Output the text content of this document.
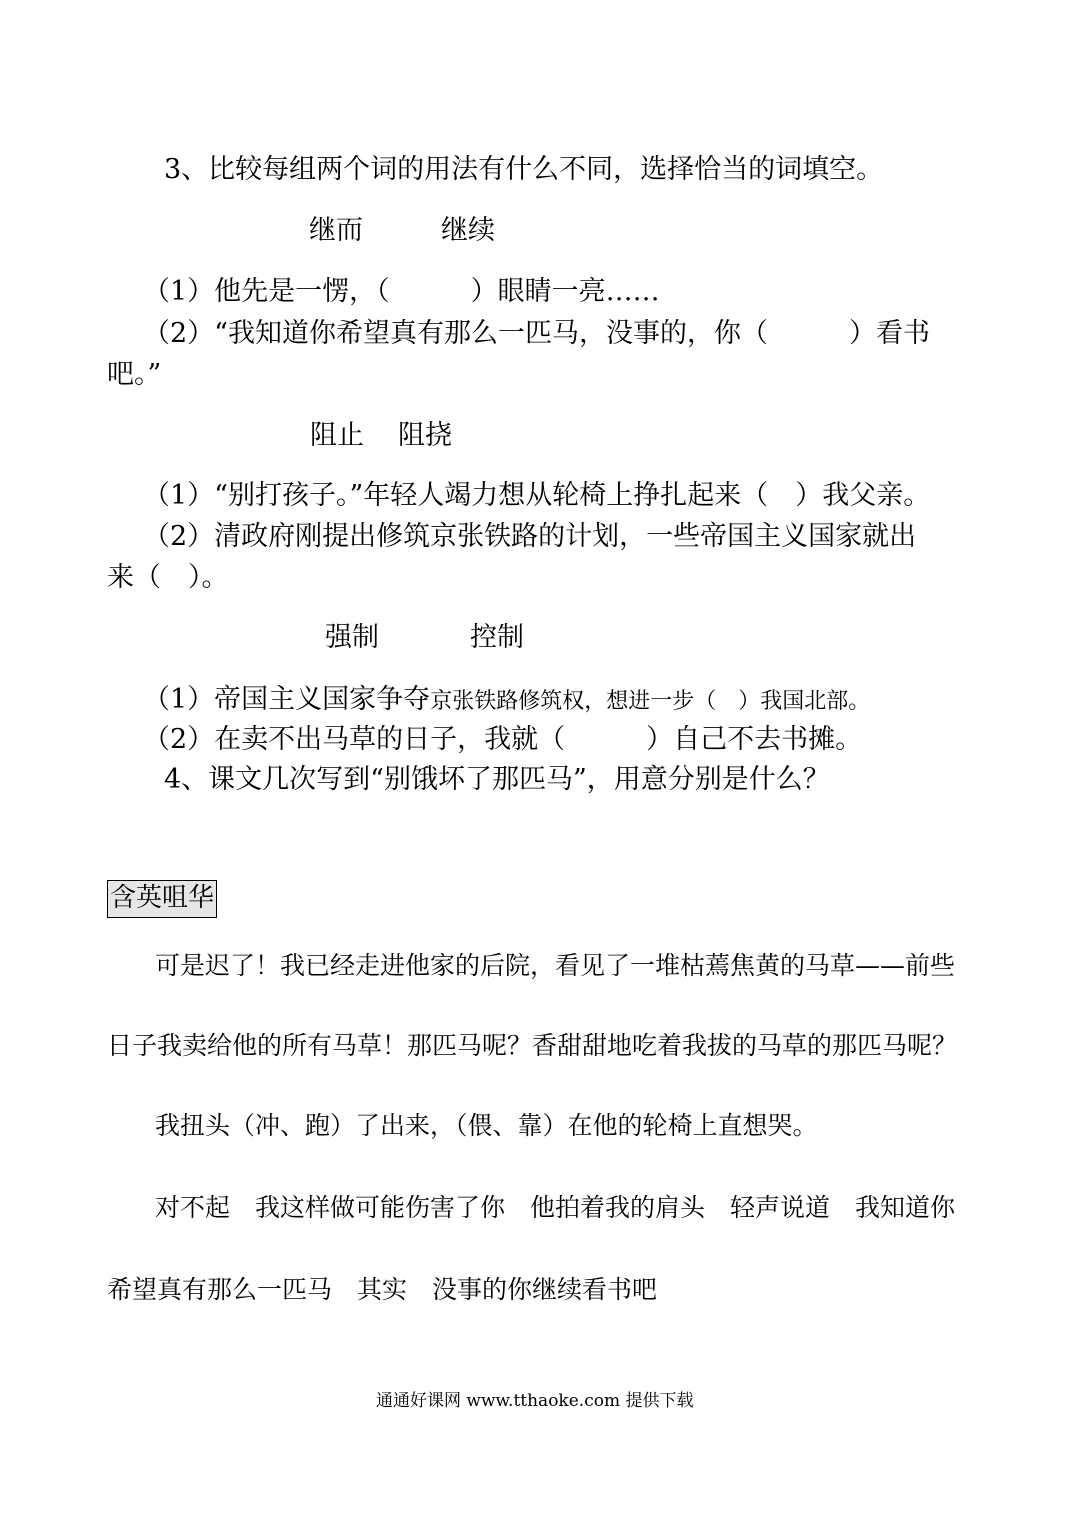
3、比较每组两个词的用法有什么不同，选择恰当的词填空。
继而	继续
（1）他先是一愣，（　　　）眼睛一亮……
（2）“我知道你希望真有那么一匹马，没事的，你（　　　）看书
吧。”
阻止 阻挠
（1）“别打孩子。”年轻人竭力想从轮椅上挣扎起来（　）我父亲。
（2）清政府刚提出修筑京张铁路的计划，一些帝国主义国家就出
来（　）。
强制	控制
（1）帝国主义国家争夺京张铁路修筑权，想进一步（　）我国北部。
（2）在卖不出马草的日子，我就（　　　）自己不去书摊。
4、课文几次写到“别饿坏了那匹马”，用意分别是什么？
含英咀华
可是迟了！我已经走进他家的后院，看见了一堆枯蔫焦黄的马草——前些
日子我卖给他的所有马草！那匹马呢？香甜甜地吃着我拔的马草的那匹马呢？
我扭头（冲、跑）了出来，（偎、靠）在他的轮椅上直想哭。
对不起　我这样做可能伤害了你　他拍着我的肩头　轻声说道　我知道你
希望真有那么一匹马　其实　没事的你继续看书吧
通通好课网 www.tthaoke.com 提供下载
